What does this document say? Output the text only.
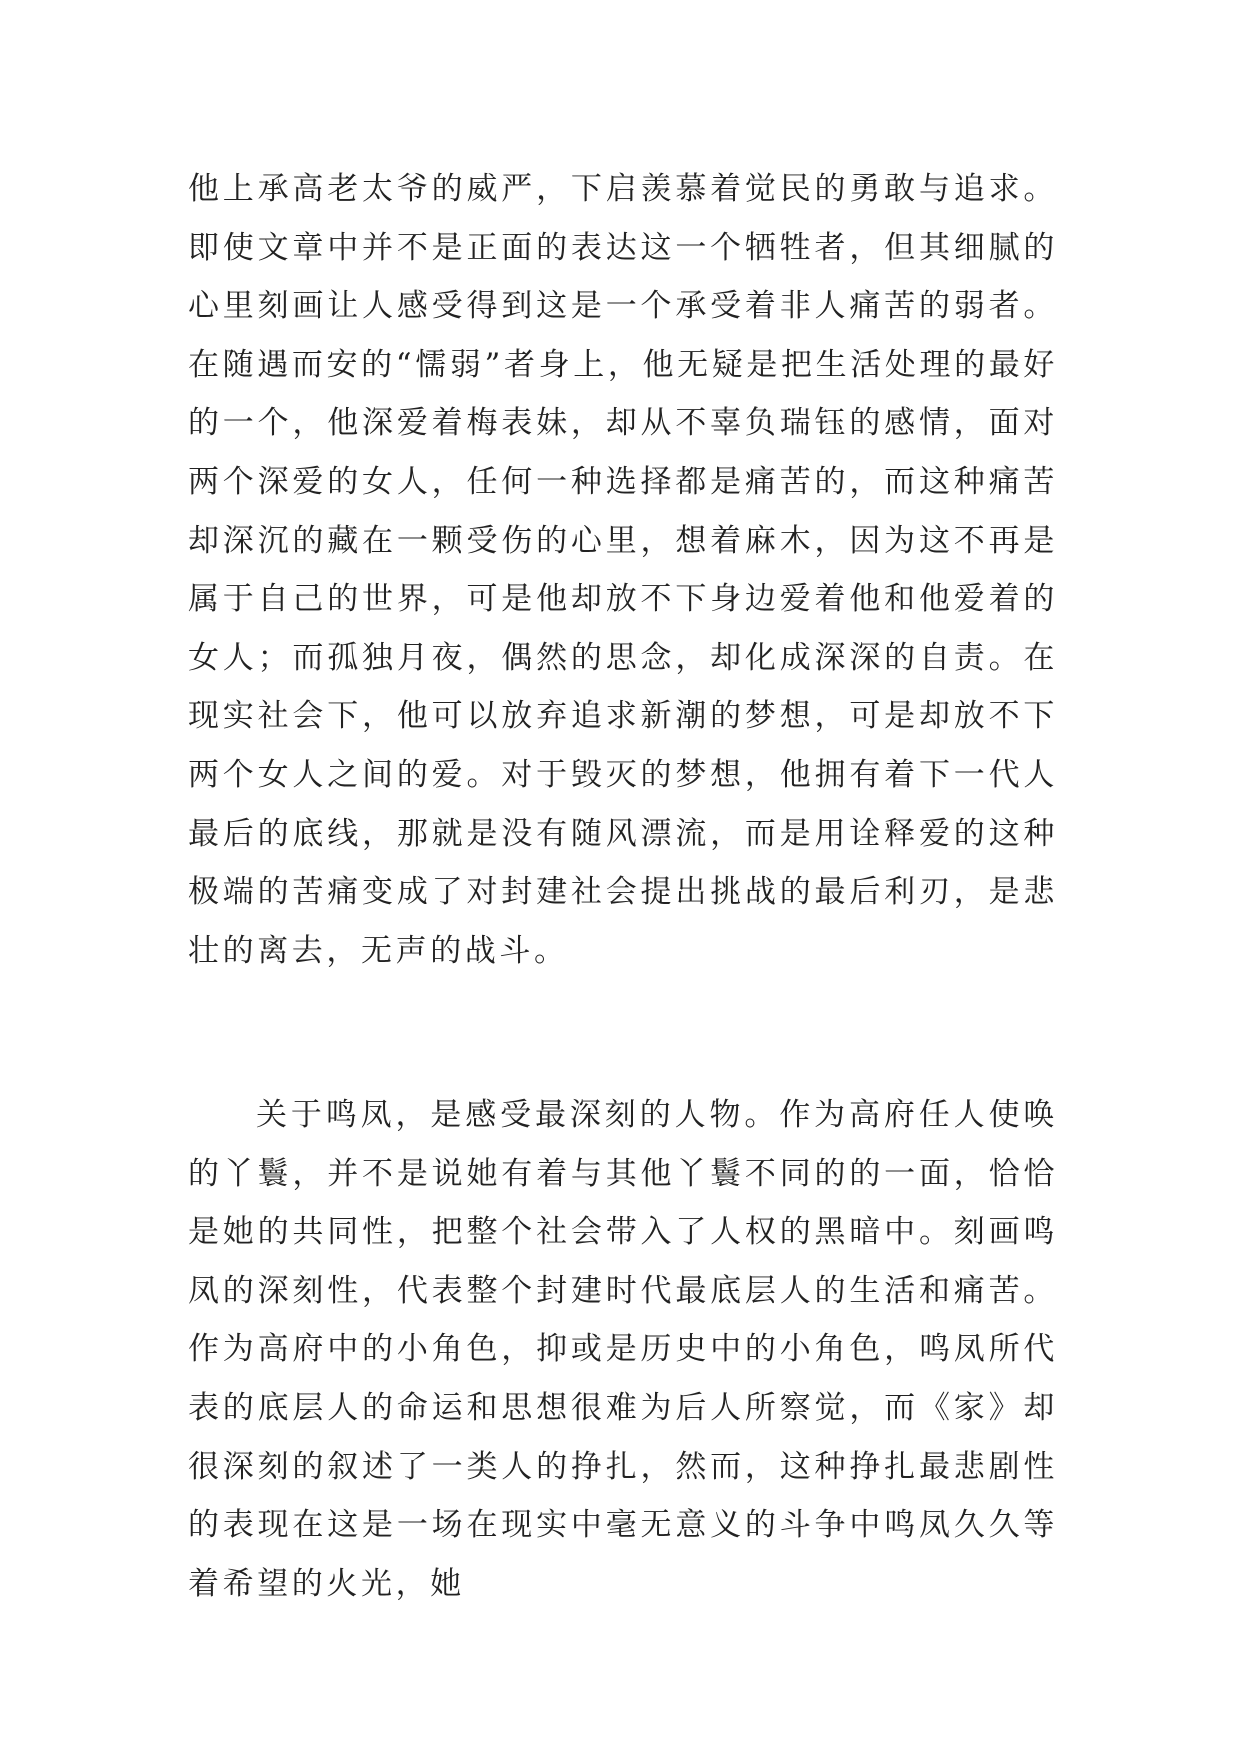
他上承高老太爷的威严，下启羡慕着觉民的勇敢与追求。即使文章中并不是正面的表达这一个牺牲者，但其细腻的心里刻画让人感受得到这是一个承受着非人痛苦的弱者。在随遇而安的“懦弱”者身上，他无疑是把生活处理的最好的一个，他深爱着梅表妹，却从不辜负瑞钰的感情，面对两个深爱的女人，任何一种选择都是痛苦的，而这种痛苦却深沉的藏在一颗受伤的心里，想着麻木，因为这不再是属于自己的世界，可是他却放不下身边爱着他和他爱着的女人；而孤独月夜，偶然的思念，却化成深深的自责。在现实社会下，他可以放弃追求新潮的梦想，可是却放不下两个女人之间的爱。对于毁灭的梦想，他拥有着下一代人最后的底线，那就是没有随风漂流，而是用诠释爱的这种极端的苦痛变成了对封建社会提出挑战的最后利刃，是悲壮的离去，无声的战斗。

关于鸣凤，是感受最深刻的人物。作为高府任人使唤的丫鬟，并不是说她有着与其他丫鬟不同的的一面，恰恰是她的共同性，把整个社会带入了人权的黑暗中。刻画鸣凤的深刻性，代表整个封建时代最底层人的生活和痛苦。作为高府中的小角色，抑或是历史中的小角色，鸣凤所代表的底层人的命运和思想很难为后人所察觉，而《家》却很深刻的叙述了一类人的挣扎，然而，这种挣扎最悲剧性的表现在这是一场在现实中毫无意义的斗争中鸣凤久久等着希望的火光，她
